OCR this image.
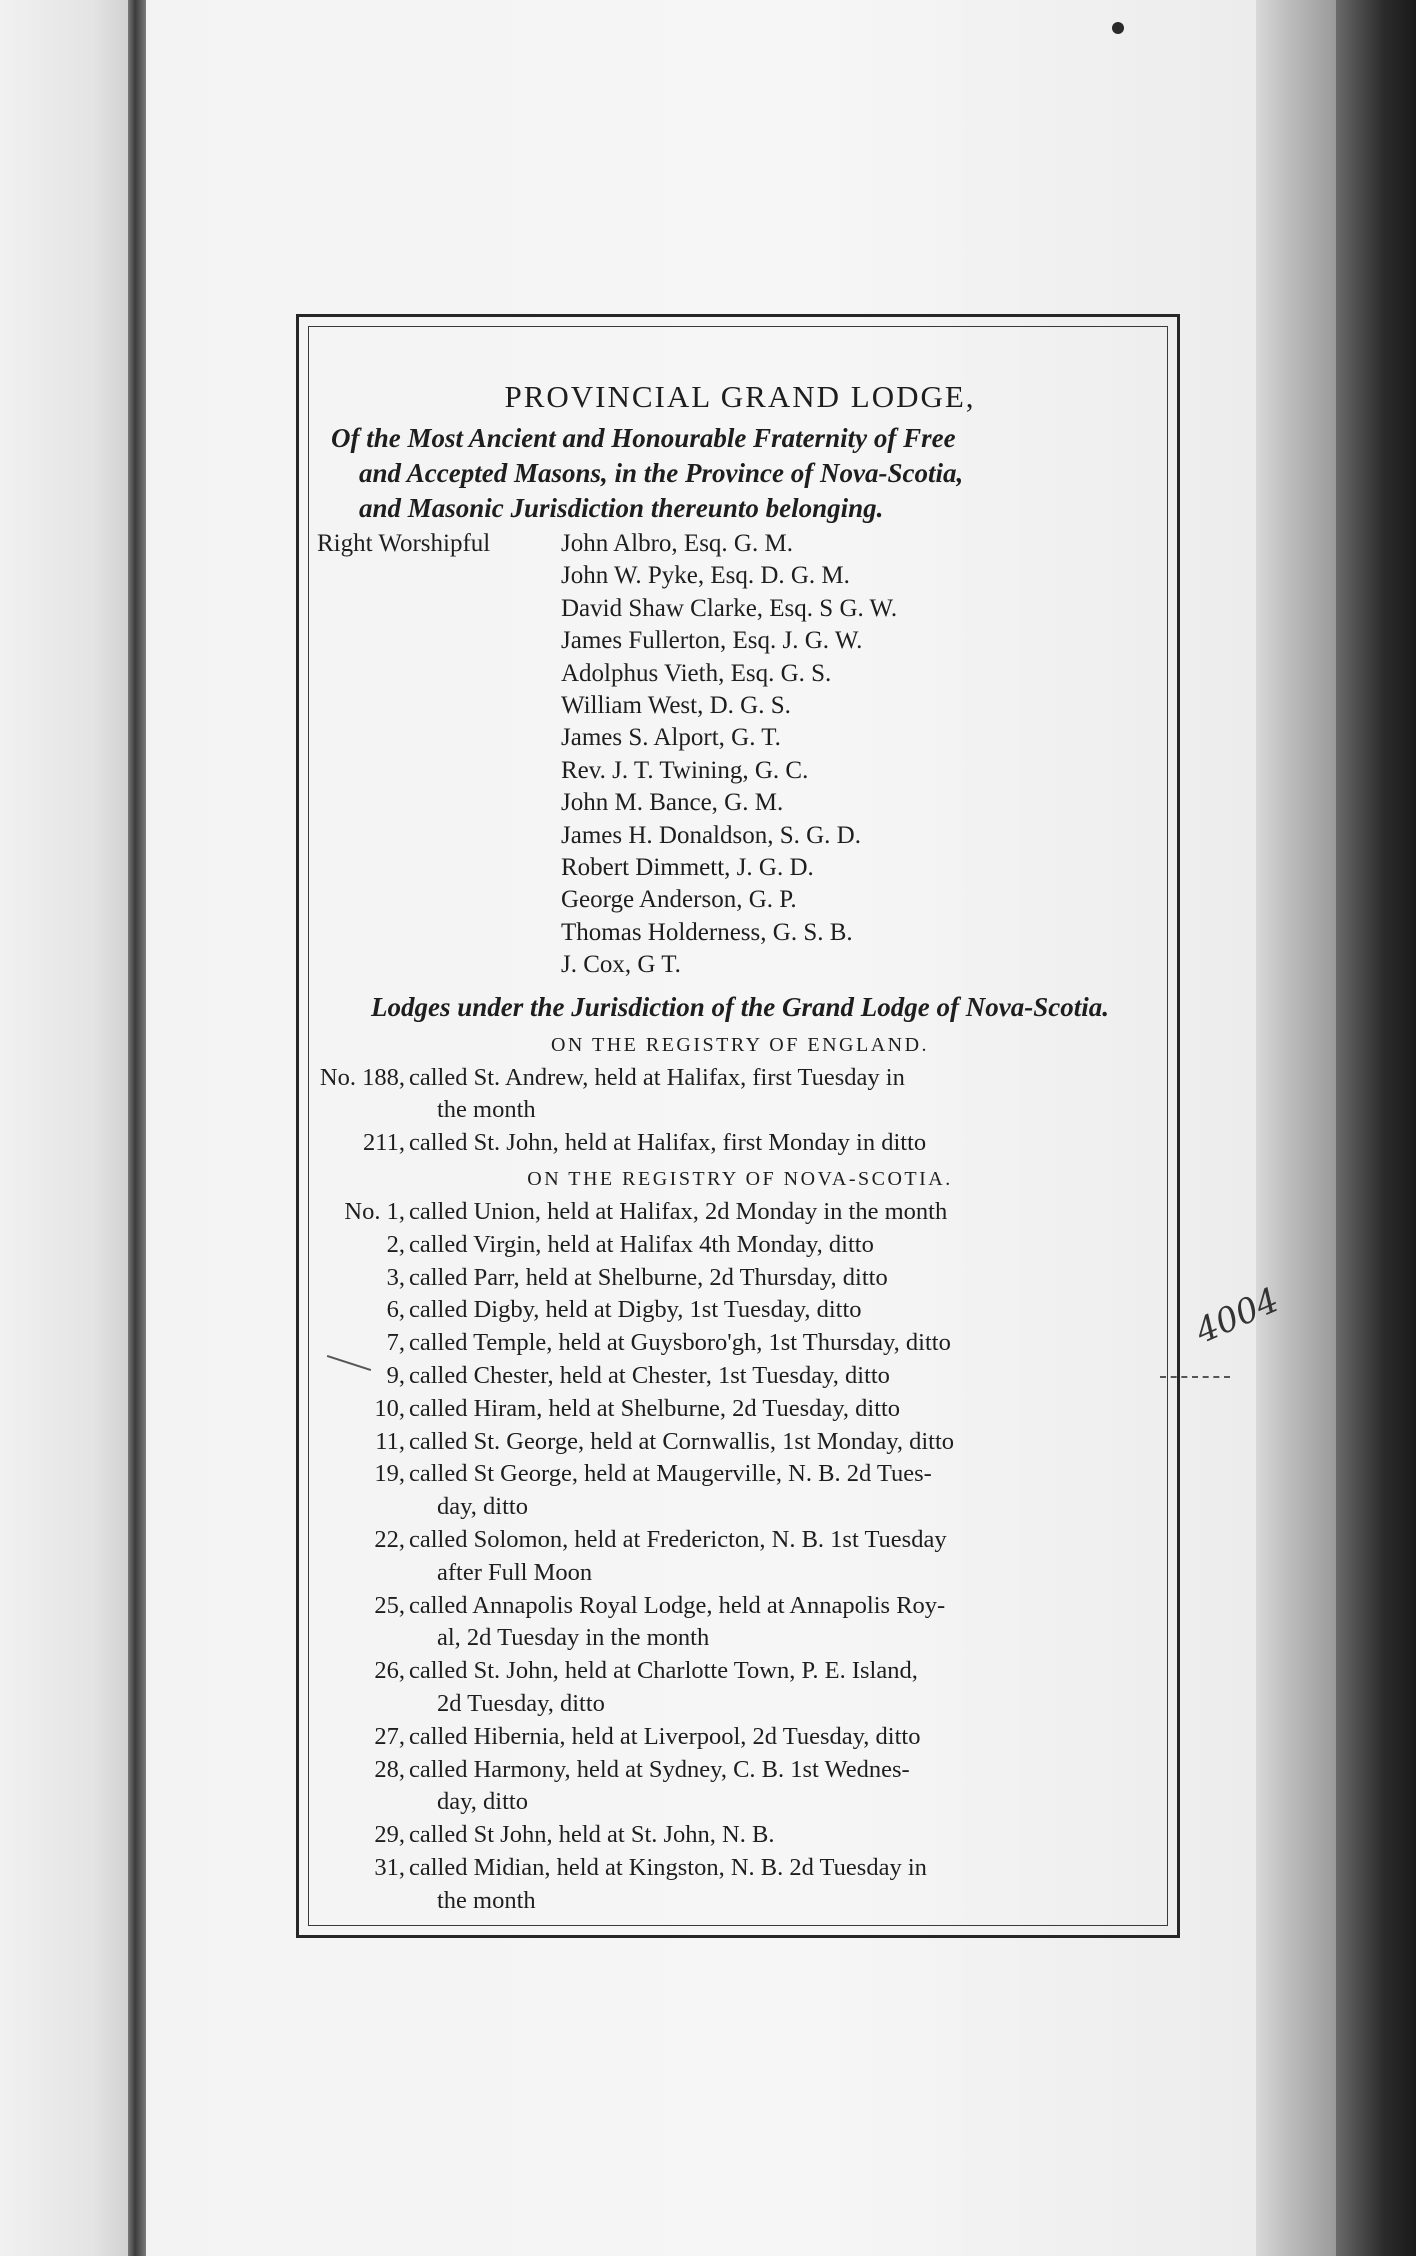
PROVINCIAL GRAND LODGE,

Of the Most Ancient and Honourable Fraternity of Free
and Accepted Masons, in the Province of Nova-Scotia,
and Masonic Jurisdiction thereunto belonging.

Right Worshipful	John Albro, Esq. G. M.
John W. Pyke, Esq. D. G. M.
David Shaw Clarke, Esq. S G. W.
James Fullerton, Esq. J. G. W.
Adolphus Vieth, Esq. G. S.
William West, D. G. S.
James S. Alport, G. T.
Rev. J. T. Twining, G. C.
John M. Bance, G. M.
James H. Donaldson, S. G. D.
Robert Dimmett, J. G. D.
George Anderson, G. P.
Thomas Holderness, G. S. B.
J. Cox, G T.

Lodges under the Jurisdiction of the Grand Lodge of Nova-Scotia.

ON THE REGISTRY OF ENGLAND.

No. 188, called St. Andrew, held at Halifax, first Tuesday in
the month
211, called St. John, held at Halifax, first Monday in ditto

ON THE REGISTRY OF NOVA-SCOTIA.

No. 1, called Union, held at Halifax, 2d Monday in the month
2, called Virgin, held at Halifax 4th Monday, ditto
3, called Parr, held at Shelburne, 2d Thursday, ditto
6, called Digby, held at Digby, 1st Tuesday, ditto
7, called Temple, held at Guysboro'gh, 1st Thursday, ditto
9, called Chester, held at Chester, 1st Tuesday, ditto
10, called Hiram, held at Shelburne, 2d Tuesday, ditto
11, called St. George, held at Cornwallis, 1st Monday, ditto
19, called St George, held at Maugerville, N. B. 2d Tues-
day, ditto
22, called Solomon, held at Fredericton, N. B. 1st Tuesday
after Full Moon
25, called Annapolis Royal Lodge, held at Annapolis Roy-
al, 2d Tuesday in the month
26, called St. John, held at Charlotte Town, P. E. Island,
2d Tuesday, ditto
27, called Hibernia, held at Liverpool, 2d Tuesday, ditto
28, called Harmony, held at Sydney, C. B. 1st Wednes-
day, ditto
29, called St John, held at St. John, N. B.
31, called Midian, held at Kingston, N. B. 2d Tuesday in
the month
4004
